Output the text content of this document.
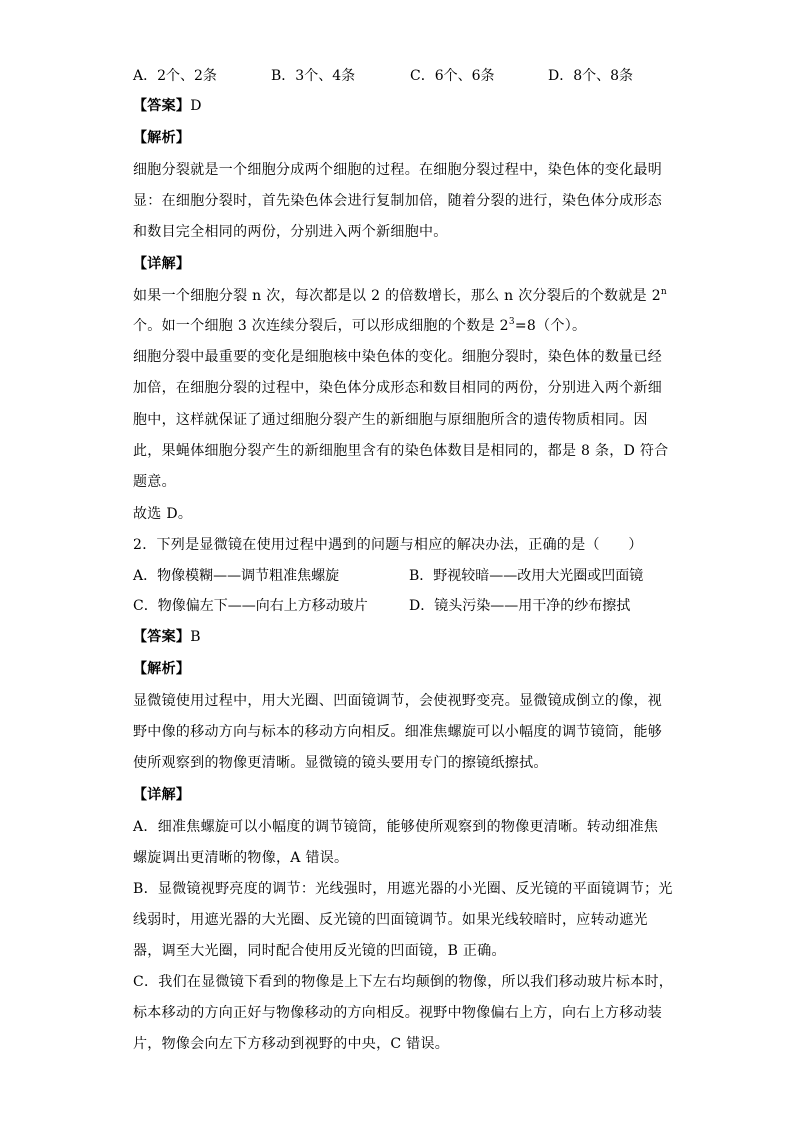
A．2个、2条	B．3个、4条	C．6个、6条	D．8个、8条
【答案】D
【解析】
细胞分裂就是一个细胞分成两个细胞的过程。在细胞分裂过程中，染色体的变化最明
显：在细胞分裂时，首先染色体会进行复制加倍，随着分裂的进行，染色体分成形态
和数目完全相同的两份，分别进入两个新细胞中。
【详解】
如果一个细胞分裂 n 次，每次都是以 2 的倍数增长，那么 n 次分裂后的个数就是 2$^n$
个。如一个细胞 3 次连续分裂后，可以形成细胞的个数是 $2^3=8$（个）。
细胞分裂中最重要的变化是细胞核中染色体的变化。细胞分裂时，染色体的数量已经
加倍，在细胞分裂的过程中，染色体分成形态和数目相同的两份，分别进入两个新细
胞中，这样就保证了通过细胞分裂产生的新细胞与原细胞所含的遗传物质相同。因
此，果蝇体细胞分裂产生的新细胞里含有的染色体数目是相同的，都是 8 条，D 符合
题意。
故选 D。
2．下列是显微镜在使用过程中遇到的问题与相应的解决办法，正确的是（　　）
A．物像模糊——调节粗准焦螺旋	B．野视较暗——改用大光圈或凹面镜
C．物像偏左下——向右上方移动玻片	D．镜头污染——用干净的纱布擦拭
【答案】B
【解析】
显微镜使用过程中，用大光圈、凹面镜调节，会使视野变亮。显微镜成倒立的像，视
野中像的移动方向与标本的移动方向相反。细准焦螺旋可以小幅度的调节镜筒，能够
使所观察到的物像更清晰。显微镜的镜头要用专门的擦镜纸擦拭。
【详解】
A．细准焦螺旋可以小幅度的调节镜筒，能够使所观察到的物像更清晰。转动细准焦
螺旋调出更清晰的物像，A 错误。
B．显微镜视野亮度的调节：光线强时，用遮光器的小光圈、反光镜的平面镜调节；光
线弱时，用遮光器的大光圈、反光镜的凹面镜调节。如果光线较暗时，应转动遮光
器，调至大光圈，同时配合使用反光镜的凹面镜，B 正确。
C．我们在显微镜下看到的物像是上下左右均颠倒的物像，所以我们移动玻片标本时，
标本移动的方向正好与物像移动的方向相反。视野中物像偏右上方，向右上方移动装
片，物像会向左下方移动到视野的中央，C 错误。
